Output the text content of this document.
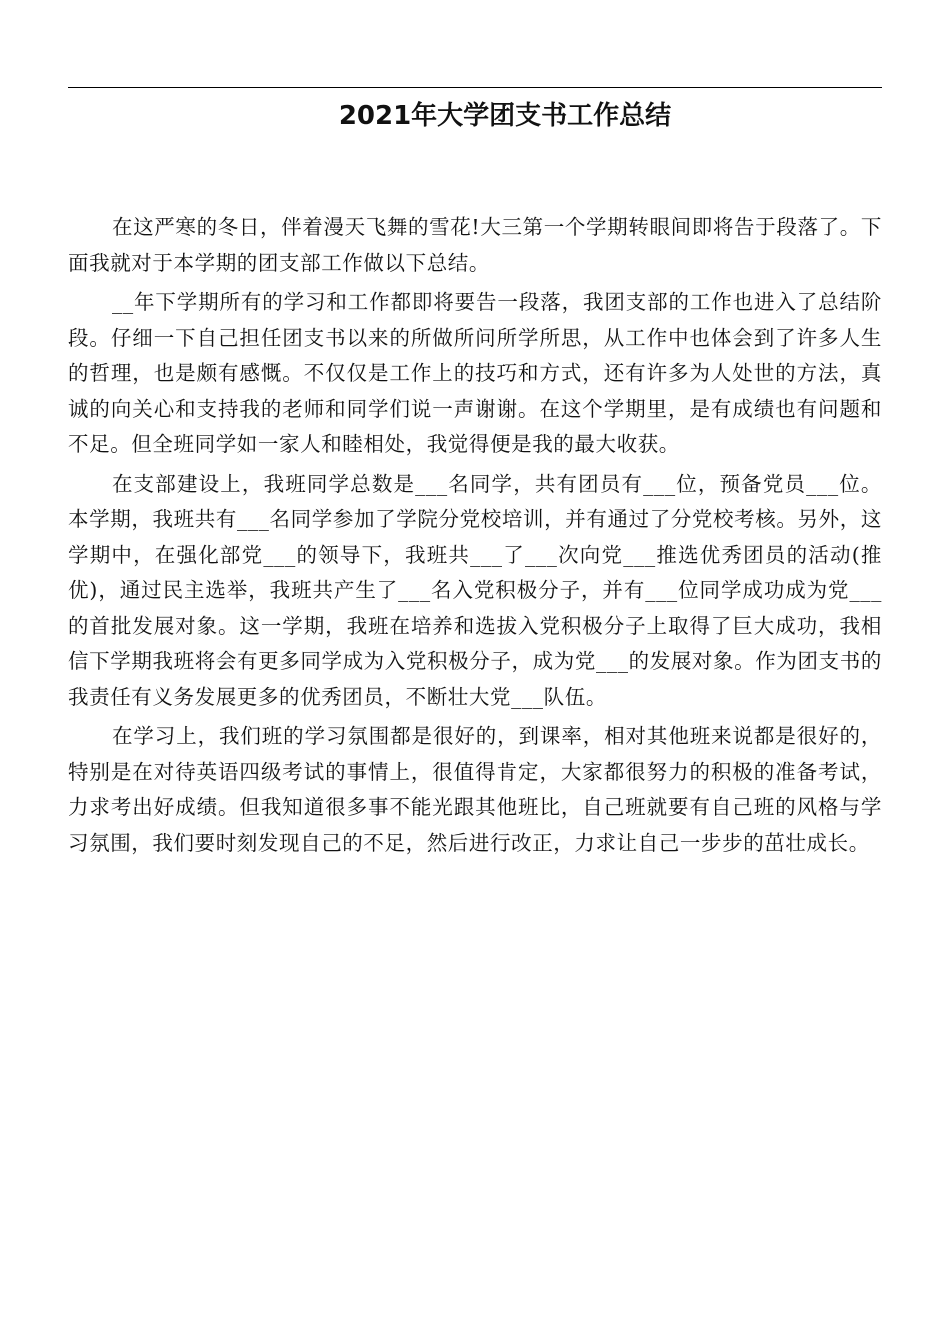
2021年大学团支书工作总结

在这严寒的冬日，伴着漫天飞舞的雪花!大三第一个学期转眼间即将告于段落了。下面我就对于本学期的团支部工作做以下总结。

__年下学期所有的学习和工作都即将要告一段落，我团支部的工作也进入了总结阶段。仔细一下自己担任团支书以来的所做所问所学所思，从工作中也体会到了许多人生的哲理，也是颇有感慨。不仅仅是工作上的技巧和方式，还有许多为人处世的方法，真诚的向关心和支持我的老师和同学们说一声谢谢。在这个学期里，是有成绩也有问题和不足。但全班同学如一家人和睦相处，我觉得便是我的最大收获。

在支部建设上，我班同学总数是___名同学，共有团员有___位，预备党员___位。本学期，我班共有___名同学参加了学院分党校培训，并有通过了分党校考核。另外，这学期中，在强化部党___的领导下，我班共___了___次向党___推选优秀团员的活动(推优)，通过民主选举，我班共产生了___名入党积极分子，并有___位同学成功成为党___的首批发展对象。这一学期，我班在培养和选拔入党积极分子上取得了巨大成功，我相信下学期我班将会有更多同学成为入党积极分子，成为党___的发展对象。作为团支书的我责任有义务发展更多的优秀团员，不断壮大党___队伍。

在学习上，我们班的学习氛围都是很好的，到课率，相对其他班来说都是很好的，特别是在对待英语四级考试的事情上，很值得肯定，大家都很努力的积极的准备考试，力求考出好成绩。但我知道很多事不能光跟其他班比，自己班就要有自己班的风格与学习氛围，我们要时刻发现自己的不足，然后进行改正，力求让自己一步步的茁壮成长。
